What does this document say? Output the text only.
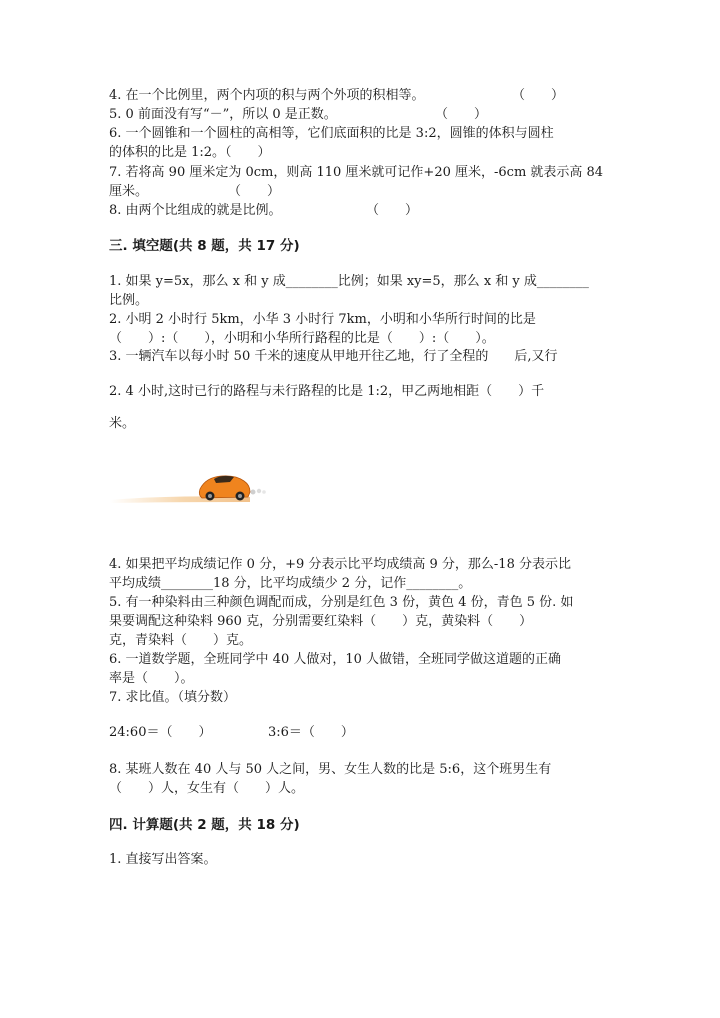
4. 在一个比例里，两个内项的积与两个外项的积相等。	（　　）
5. 0 前面没有写“－”，所以 0 是正数。	（　　）
6. 一个圆锥和一个圆柱的高相等，它们底面积的比是 3:2，圆锥的体积与圆柱
的体积的比是 1:2。（　　）
7. 若将高 90 厘米定为 0cm，则高 110 厘米就可记作+20 厘米，-6cm 就表示高 84
厘米。	（　　）
8. 由两个比组成的就是比例。	（　　）
三. 填空题(共 8 题，共 17 分)
1. 如果 y=5x，那么 x 和 y 成________比例；如果 xy=5，那么 x 和 y 成________
比例。
2. 小明 2 小时行 5km，小华 3 小时行 7km，小明和小华所行时间的比是
（　　）:（　　），小明和小华所行路程的比是（　　）:（　　）。
3. 一辆汽车以每小时 50 千米的速度从甲地开往乙地，行了全程的　　后,又行
2. 4 小时,这时已行的路程与未行路程的比是 1:2，甲乙两地相距（　　）千
米。
4. 如果把平均成绩记作 0 分，+9 分表示比平均成绩高 9 分，那么-18 分表示比
平均成绩________18 分，比平均成绩少 2 分，记作________。
5. 有一种染料由三种颜色调配而成，分别是红色 3 份，黄色 4 份，青色 5 份. 如
果要调配这种染料 960 克，分别需要红染料（　　）克，黄染料（　　）
克，青染料（　　）克。
6. 一道数学题，全班同学中 40 人做对，10 人做错，全班同学做这道题的正确
率是（　　）。
7. 求比值。（填分数）
24:60＝（　　）	3:6＝（　　）
8. 某班人数在 40 人与 50 人之间，男、女生人数的比是 5:6，这个班男生有
（　　）人，女生有（　　）人。
四. 计算题(共 2 题，共 18 分)
1. 直接写出答案。
